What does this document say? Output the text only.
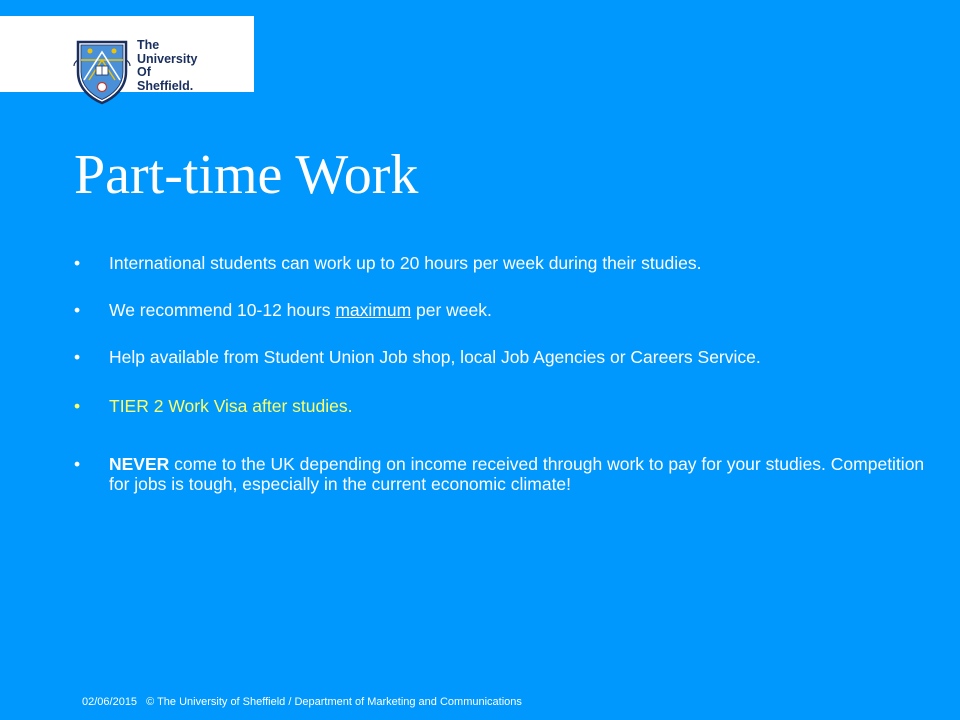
The
University
Of
Sheffield.
Part-time Work
•	International students can work up to 20 hours per week during their studies.
•	We recommend 10-12 hours maximum per week.
•	Help available from Student Union Job shop, local Job Agencies or Careers Service.
•	TIER 2 Work Visa after studies.
•	NEVER come to the UK depending on income received through work to pay for your studies. Competition for jobs is tough, especially in the current economic climate!
02/06/2015 © The University of Sheffield / Department of Marketing and Communications
